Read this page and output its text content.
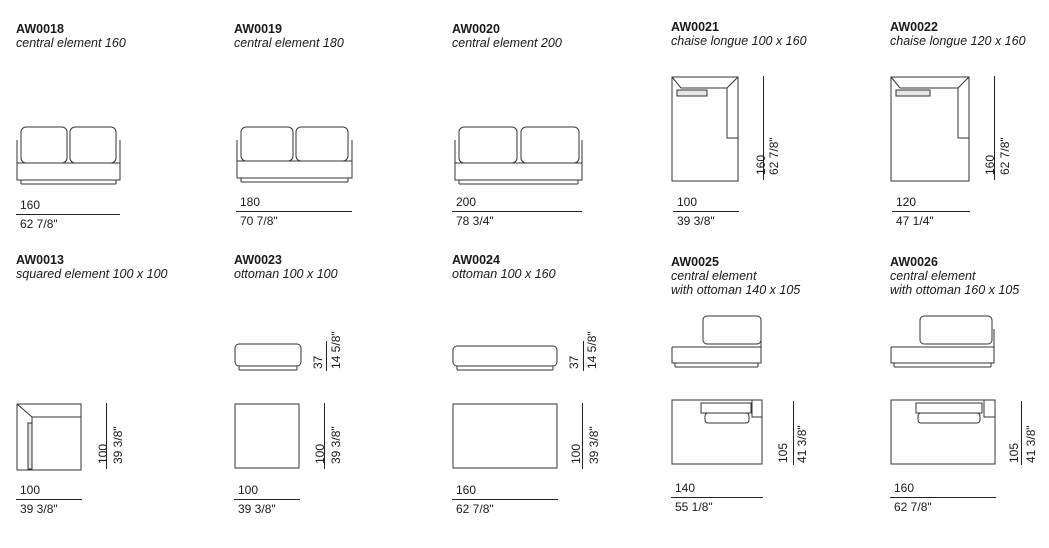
AW0018
central element 160
160
62 7/8"
AW0019
central element 180
180
70 7/8"
AW0020
central element 200
200
78 3/4"
AW0021
chaise longue 100 x 160
160 62 7/8"
100
39 3/8"
AW0022
chaise longue 120 x 160
160 62 7/8"
120
47 1/4"
AW0013
squared element 100 x 100
100 39 3/8"
100
39 3/8"
AW0023
ottoman 100 x 100
37 14 5/8"
100 39 3/8"
100
39 3/8"
AW0024
ottoman 100 x 160
37 14 5/8"
100 39 3/8"
160
62 7/8"
AW0025
central element
with ottoman 140 x 105
105 41 3/8"
140
55 1/8"
AW0026
central element
with ottoman 160 x 105
105 41 3/8"
160
62 7/8"
